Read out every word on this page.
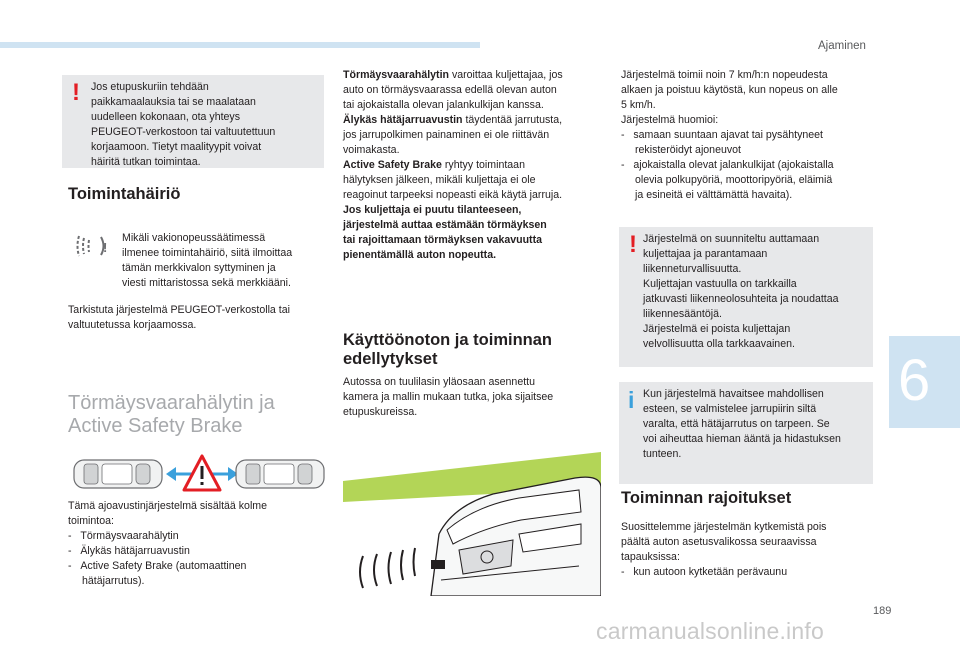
Ajaminen
! Jos etupuskuriin tehdään
paikkamaalauksia tai se maalataan
uudelleen kokonaan, ota yhteys
PEUGEOT-verkostoon tai valtuutettuun
korjaamoon. Tietyt maalityypit voivat
häiritä tutkan toimintaa.
Toimintahäiriö
!
Mikäli vakionopeussäätimessä
ilmenee toimintahäiriö, siitä ilmoittaa
tämän merkkivalon syttyminen ja
viesti mittaristossa sekä merkkiääni.
Tarkistuta järjestelmä PEUGEOT-verkostolla tai
valtuutetussa korjaamossa.
Törmäysvaarahälytin ja
Active Safety Brake
Tämä ajoavustinjärjestelmä sisältää kolme
toimintoa:
-   Törmäysvaarahälytin
-   Älykäs hätäjarruavustin
-   Active Safety Brake (automaattinen
hätäjarrutus).
Törmäysvaarahälytin varoittaa kuljettajaa, jos
auto on törmäysvaarassa edellä olevan auton
tai ajokaistalla olevan jalankulkijan kanssa.
Älykäs hätäjarruavustin täydentää jarrutusta,
jos jarrupolkimen painaminen ei ole riittävän
voimakasta.
Active Safety Brake ryhtyy toimintaan
hälytyksen jälkeen, mikäli kuljettaja ei ole
reagoinut tarpeeksi nopeasti eikä käytä jarruja.
Jos kuljettaja ei puutu tilanteeseen,
järjestelmä auttaa estämään törmäyksen
tai rajoittamaan törmäyksen vakavuutta
pienentämällä auton nopeutta.
Käyttöönoton ja toiminnan
edellytykset
Autossa on tuulilasin yläosaan asennettu
kamera ja mallin mukaan tutka, joka sijaitsee
etupuskureissa.
Järjestelmä toimii noin 7 km/h:n nopeudesta
alkaen ja poistuu käytöstä, kun nopeus on alle
5 km/h.
Järjestelmä huomioi:
-   samaan suuntaan ajavat tai pysähtyneet
rekisteröidyt ajoneuvot
-   ajokaistalla olevat jalankulkijat (ajokaistalla
olevia polkupyöriä, moottoripyöriä, eläimiä
ja esineitä ei välttämättä havaita).
! Järjestelmä on suunniteltu auttamaan
kuljettajaa ja parantamaan
liikenneturvallisuutta.
Kuljettajan vastuulla on tarkkailla
jatkuvasti liikenneolosuhteita ja noudattaa
liikennesääntöjä.
Järjestelmä ei poista kuljettajan
velvollisuutta olla tarkkaavainen.
i Kun järjestelmä havaitsee mahdollisen
esteen, se valmistelee jarrupiirin siltä
varalta, että hätäjarrutus on tarpeen. Se
voi aiheuttaa hieman ääntä ja hidastuksen
tunteen.
Toiminnan rajoitukset
Suosittelemme järjestelmän kytkemistä pois
päältä auton asetusvalikossa seuraavissa
tapauksissa:
-   kun autoon kytketään perävaunu
6
189
carmanualsonline.info
